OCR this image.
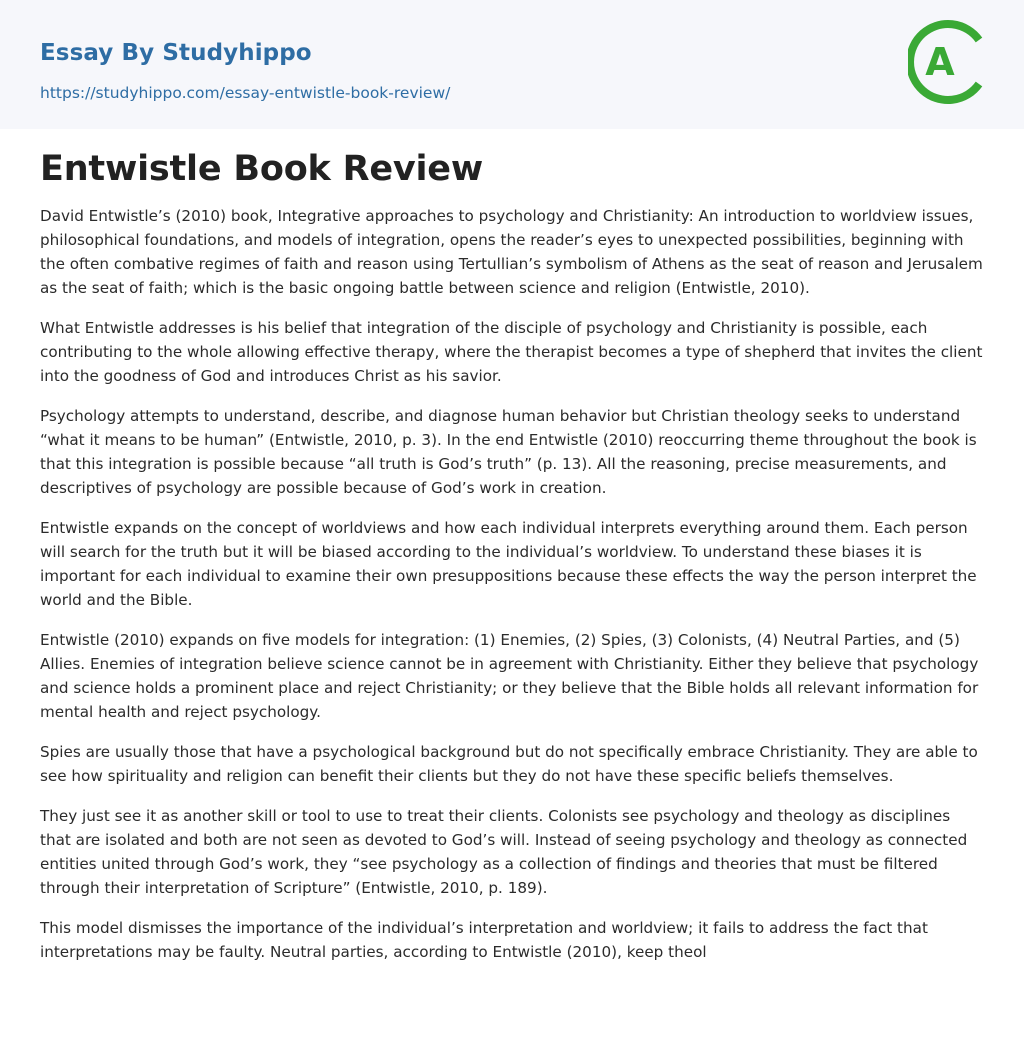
Essay By Studyhippo
https://studyhippo.com/essay-entwistle-book-review/
A
Entwistle Book Review

David Entwistle’s (2010) book, Integrative approaches to psychology and Christianity: An introduction to worldview issues, philosophical foundations, and models of integration, opens the reader’s eyes to unexpected possibilities, beginning with the often combative regimes of faith and reason using Tertullian’s symbolism of Athens as the seat of reason and Jerusalem as the seat of faith; which is the basic ongoing battle between science and religion (Entwistle, 2010).

What Entwistle addresses is his belief that integration of the disciple of psychology and Christianity is possible, each contributing to the whole allowing effective therapy, where the therapist becomes a type of shepherd that invites the client into the goodness of God and introduces Christ as his savior.

Psychology attempts to understand, describe, and diagnose human behavior but Christian theology seeks to understand “what it means to be human” (Entwistle, 2010, p. 3). In the end Entwistle (2010) reoccurring theme throughout the book is that this integration is possible because “all truth is God’s truth” (p. 13). All the reasoning, precise measurements, and descriptives of psychology are possible because of God’s work in creation.

Entwistle expands on the concept of worldviews and how each individual interprets everything around them. Each person will search for the truth but it will be biased according to the individual’s worldview. To understand these biases it is important for each individual to examine their own presuppositions because these effects the way the person interpret the world and the Bible.

Entwistle (2010) expands on five models for integration: (1) Enemies, (2) Spies, (3) Colonists, (4) Neutral Parties, and (5) Allies. Enemies of integration believe science cannot be in agreement with Christianity. Either they believe that psychology and science holds a prominent place and reject Christianity; or they believe that the Bible holds all relevant information for mental health and reject psychology.

Spies are usually those that have a psychological background but do not specifically embrace Christianity. They are able to see how spirituality and religion can benefit their clients but they do not have these specific beliefs themselves.

They just see it as another skill or tool to use to treat their clients. Colonists see psychology and theology as disciplines that are isolated and both are not seen as devoted to God’s will. Instead of seeing psychology and theology as connected entities united through God’s work, they “see psychology as a collection of findings and theories that must be filtered through their interpretation of Scripture” (Entwistle, 2010, p. 189).

This model dismisses the importance of the individual’s interpretation and worldview; it fails to address the fact that interpretations may be faulty. Neutral parties, according to Entwistle (2010), keep theol
